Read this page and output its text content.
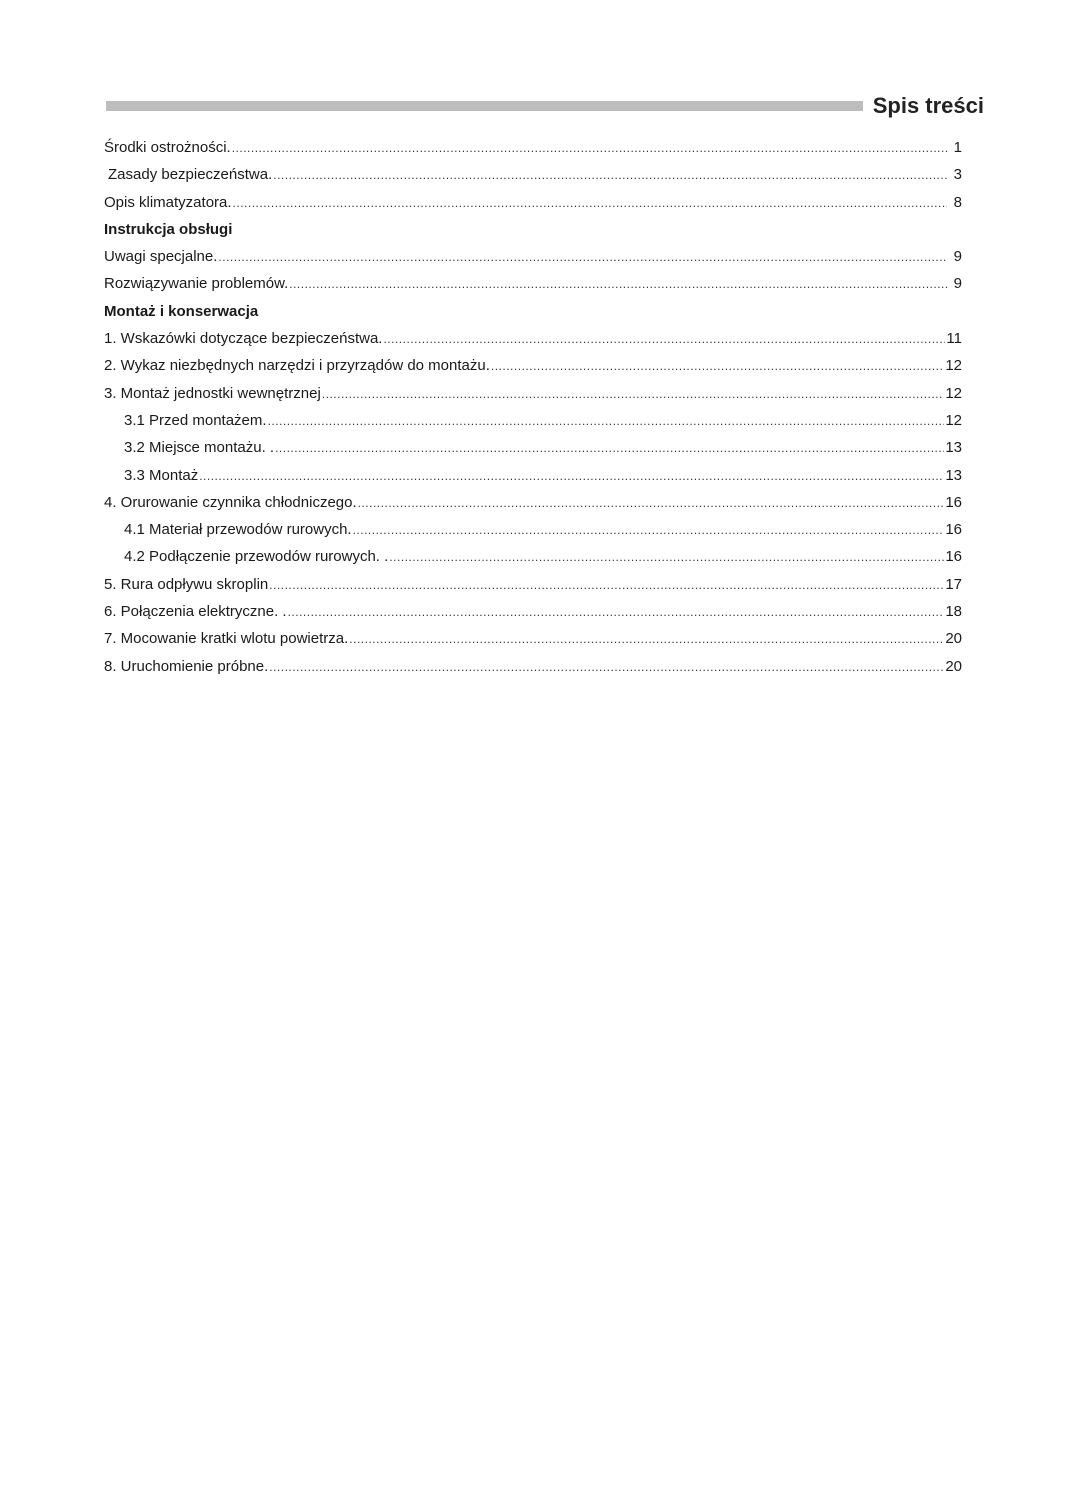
Spis treści
Środki ostrożności. .....	1
Zasady bezpieczeństwa. .....	3
Opis klimatyzatora. .....	8
Instrukcja obsługi
Uwagi specjalne. .....	9
Rozwiązywanie problemów. .....	9
Montaż i konserwacja
1. Wskazówki dotyczące bezpieczeństwa. .....	11
2. Wykaz niezbędnych narzędzi i przyrządów do montażu. .....	12
3. Montaż jednostki wewnętrznej .....	12
3.1 Przed montażem. .....	12
3.2 Miejsce montażu. . .....	13
3.3 Montaż .....	13
4. Orurowanie czynnika chłodniczego. .....	16
4.1 Materiał przewodów rurowych. .....	16
4.2 Podłączenie przewodów rurowych. . .....	16
5. Rura odpływu skroplin .....	17
6. Połączenia elektryczne. . .....	18
7. Mocowanie kratki wlotu powietrza. .....	20
8. Uruchomienie próbne. .....	20
